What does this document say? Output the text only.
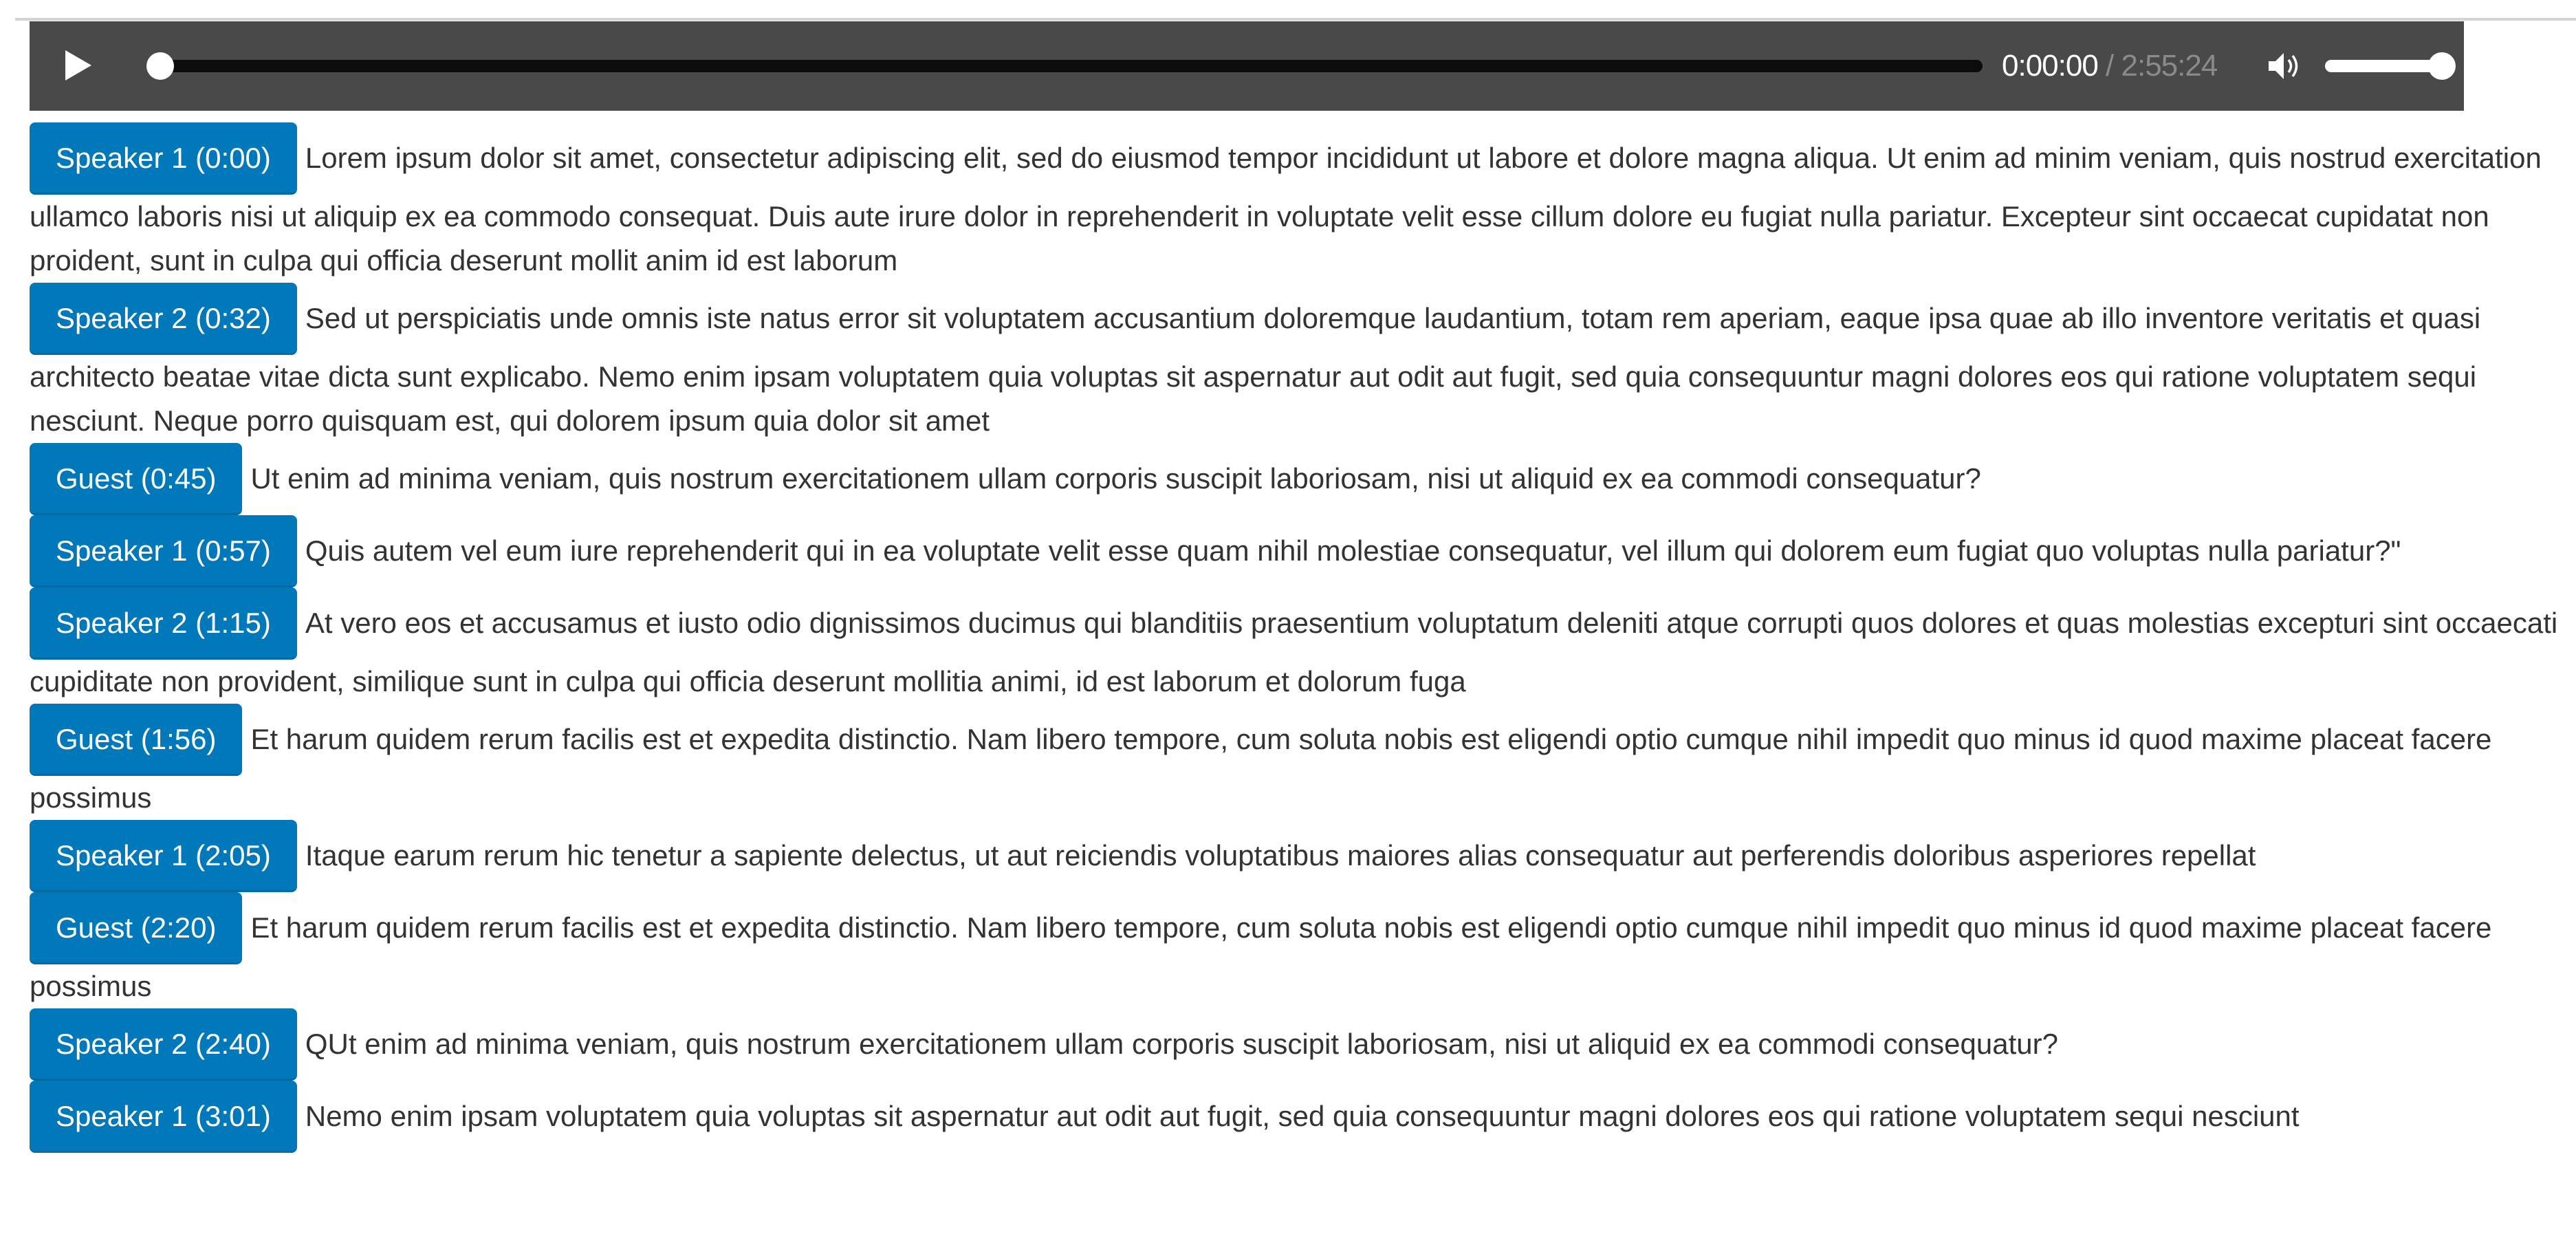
0:00:00 / 2:55:24
Speaker 1 (0:00) Lorem ipsum dolor sit amet, consectetur adipiscing elit, sed do eiusmod tempor incididunt ut labore et dolore magna aliqua. Ut enim ad minim veniam, quis nostrud exercitation ullamco laboris nisi ut aliquip ex ea commodo consequat. Duis aute irure dolor in reprehenderit in voluptate velit esse cillum dolore eu fugiat nulla pariatur. Excepteur sint occaecat cupidatat non proident, sunt in culpa qui officia deserunt mollit anim id est laborum
Speaker 2 (0:32) Sed ut perspiciatis unde omnis iste natus error sit voluptatem accusantium doloremque laudantium, totam rem aperiam, eaque ipsa quae ab illo inventore veritatis et quasi architecto beatae vitae dicta sunt explicabo. Nemo enim ipsam voluptatem quia voluptas sit aspernatur aut odit aut fugit, sed quia consequuntur magni dolores eos qui ratione voluptatem sequi nesciunt. Neque porro quisquam est, qui dolorem ipsum quia dolor sit amet
Guest (0:45) Ut enim ad minima veniam, quis nostrum exercitationem ullam corporis suscipit laboriosam, nisi ut aliquid ex ea commodi consequatur?
Speaker 1 (0:57) Quis autem vel eum iure reprehenderit qui in ea voluptate velit esse quam nihil molestiae consequatur, vel illum qui dolorem eum fugiat quo voluptas nulla pariatur?"
Speaker 2 (1:15) At vero eos et accusamus et iusto odio dignissimos ducimus qui blanditiis praesentium voluptatum deleniti atque corrupti quos dolores et quas molestias excepturi sint occaecati cupiditate non provident, similique sunt in culpa qui officia deserunt mollitia animi, id est laborum et dolorum fuga
Guest (1:56) Et harum quidem rerum facilis est et expedita distinctio. Nam libero tempore, cum soluta nobis est eligendi optio cumque nihil impedit quo minus id quod maxime placeat facere possimus
Speaker 1 (2:05) Itaque earum rerum hic tenetur a sapiente delectus, ut aut reiciendis voluptatibus maiores alias consequatur aut perferendis doloribus asperiores repellat
Guest (2:20) Et harum quidem rerum facilis est et expedita distinctio. Nam libero tempore, cum soluta nobis est eligendi optio cumque nihil impedit quo minus id quod maxime placeat facere possimus
Speaker 2 (2:40) QUt enim ad minima veniam, quis nostrum exercitationem ullam corporis suscipit laboriosam, nisi ut aliquid ex ea commodi consequatur?
Speaker 1 (3:01) Nemo enim ipsam voluptatem quia voluptas sit aspernatur aut odit aut fugit, sed quia consequuntur magni dolores eos qui ratione voluptatem sequi nesciunt
